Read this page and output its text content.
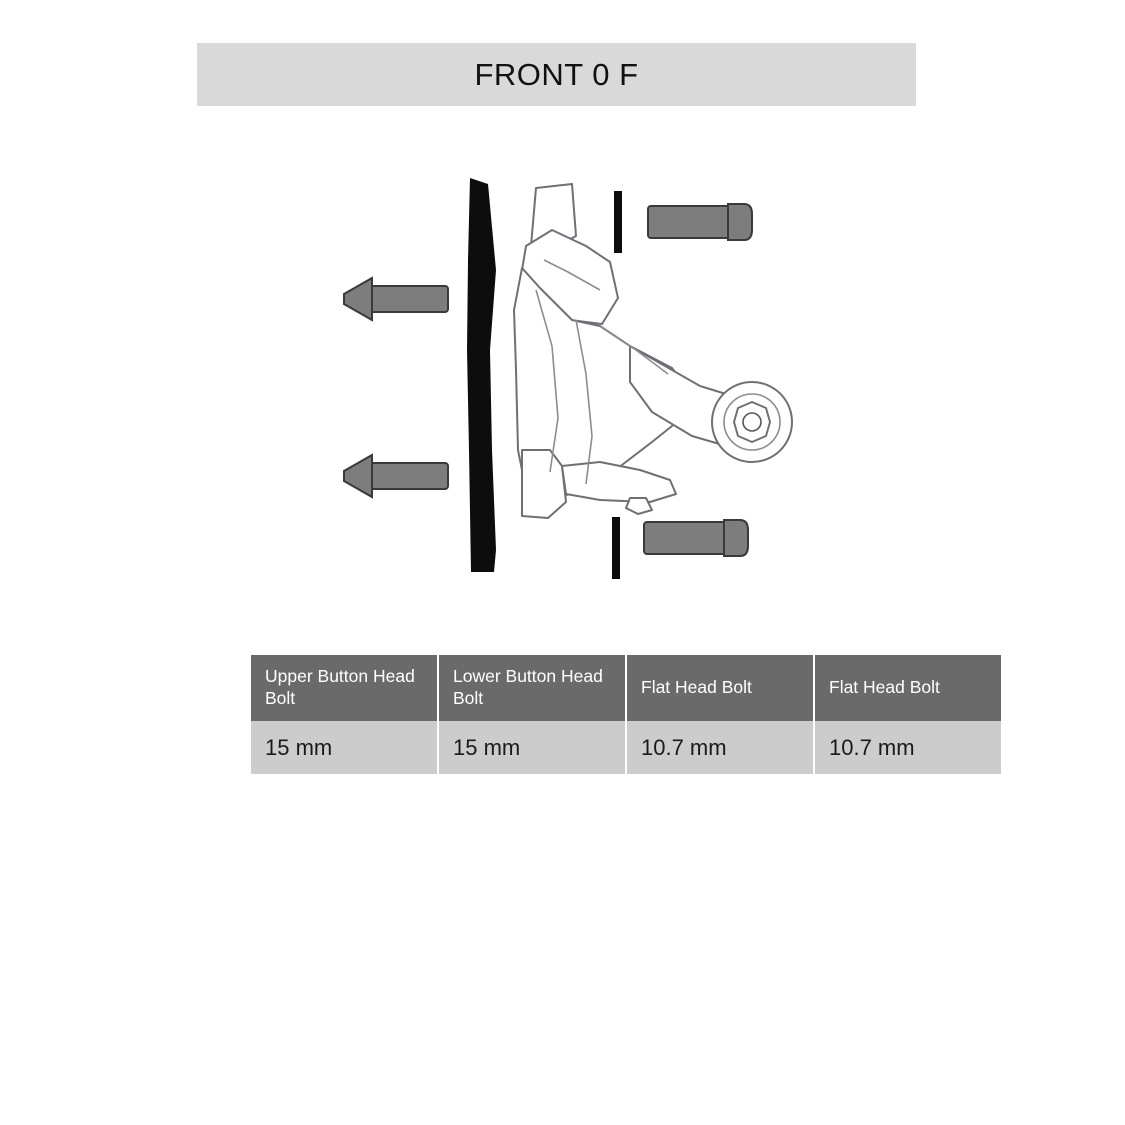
FRONT 0 F
Upper Button Head Bolt	Lower Button Head Bolt	Flat Head Bolt	Flat Head Bolt
15 mm	15 mm	10.7 mm	10.7 mm
